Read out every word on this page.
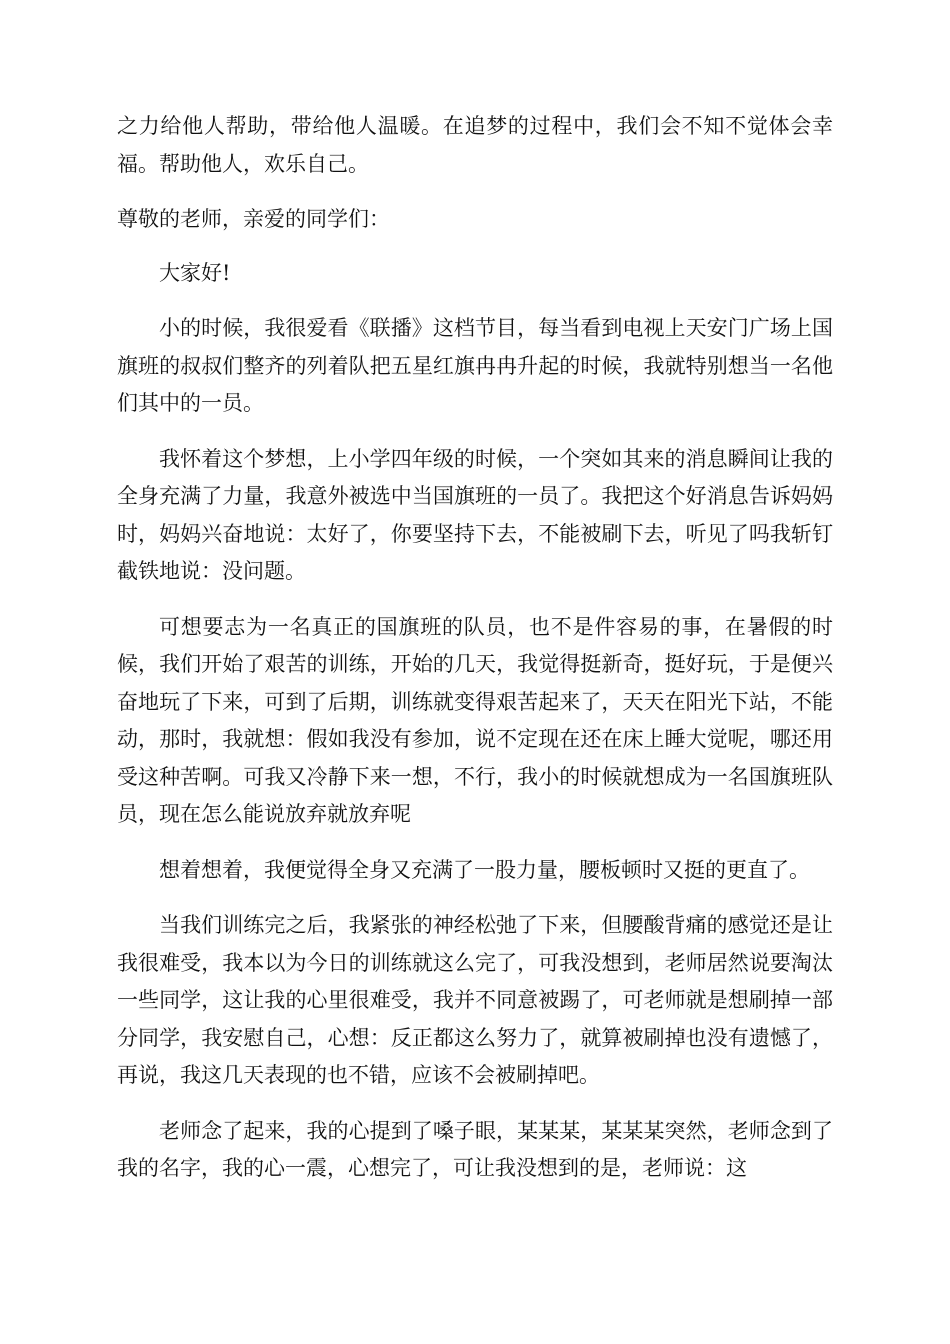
之力给他人帮助，带给他人温暖。在追梦的过程中，我们会不知不觉体会幸福。帮助他人，欢乐自己。

尊敬的老师，亲爱的同学们：

大家好!

小的时候，我很爱看《联播》这档节目，每当看到电视上天安门广场上国旗班的叔叔们整齐的列着队把五星红旗冉冉升起的时候，我就特别想当一名他们其中的一员。

我怀着这个梦想，上小学四年级的时候，一个突如其来的消息瞬间让我的全身充满了力量，我意外被选中当国旗班的一员了。我把这个好消息告诉妈妈时，妈妈兴奋地说：太好了，你要坚持下去，不能被刷下去，听见了吗我斩钉截铁地说：没问题。

可想要志为一名真正的国旗班的队员，也不是件容易的事，在暑假的时候，我们开始了艰苦的训练，开始的几天，我觉得挺新奇，挺好玩，于是便兴奋地玩了下来，可到了后期，训练就变得艰苦起来了，天天在阳光下站，不能动，那时，我就想：假如我没有参加，说不定现在还在床上睡大觉呢，哪还用受这种苦啊。可我又冷静下来一想，不行，我小的时候就想成为一名国旗班队员，现在怎么能说放弃就放弃呢

想着想着，我便觉得全身又充满了一股力量，腰板顿时又挺的更直了。

当我们训练完之后，我紧张的神经松弛了下来，但腰酸背痛的感觉还是让我很难受，我本以为今日的训练就这么完了，可我没想到，老师居然说要淘汰一些同学，这让我的心里很难受，我并不同意被踢了，可老师就是想刷掉一部分同学，我安慰自己，心想：反正都这么努力了，就算被刷掉也没有遗憾了，再说，我这几天表现的也不错，应该不会被刷掉吧。

老师念了起来，我的心提到了嗓子眼，某某某，某某某突然，老师念到了我的名字，我的心一震，心想完了，可让我没想到的是，老师说：这
